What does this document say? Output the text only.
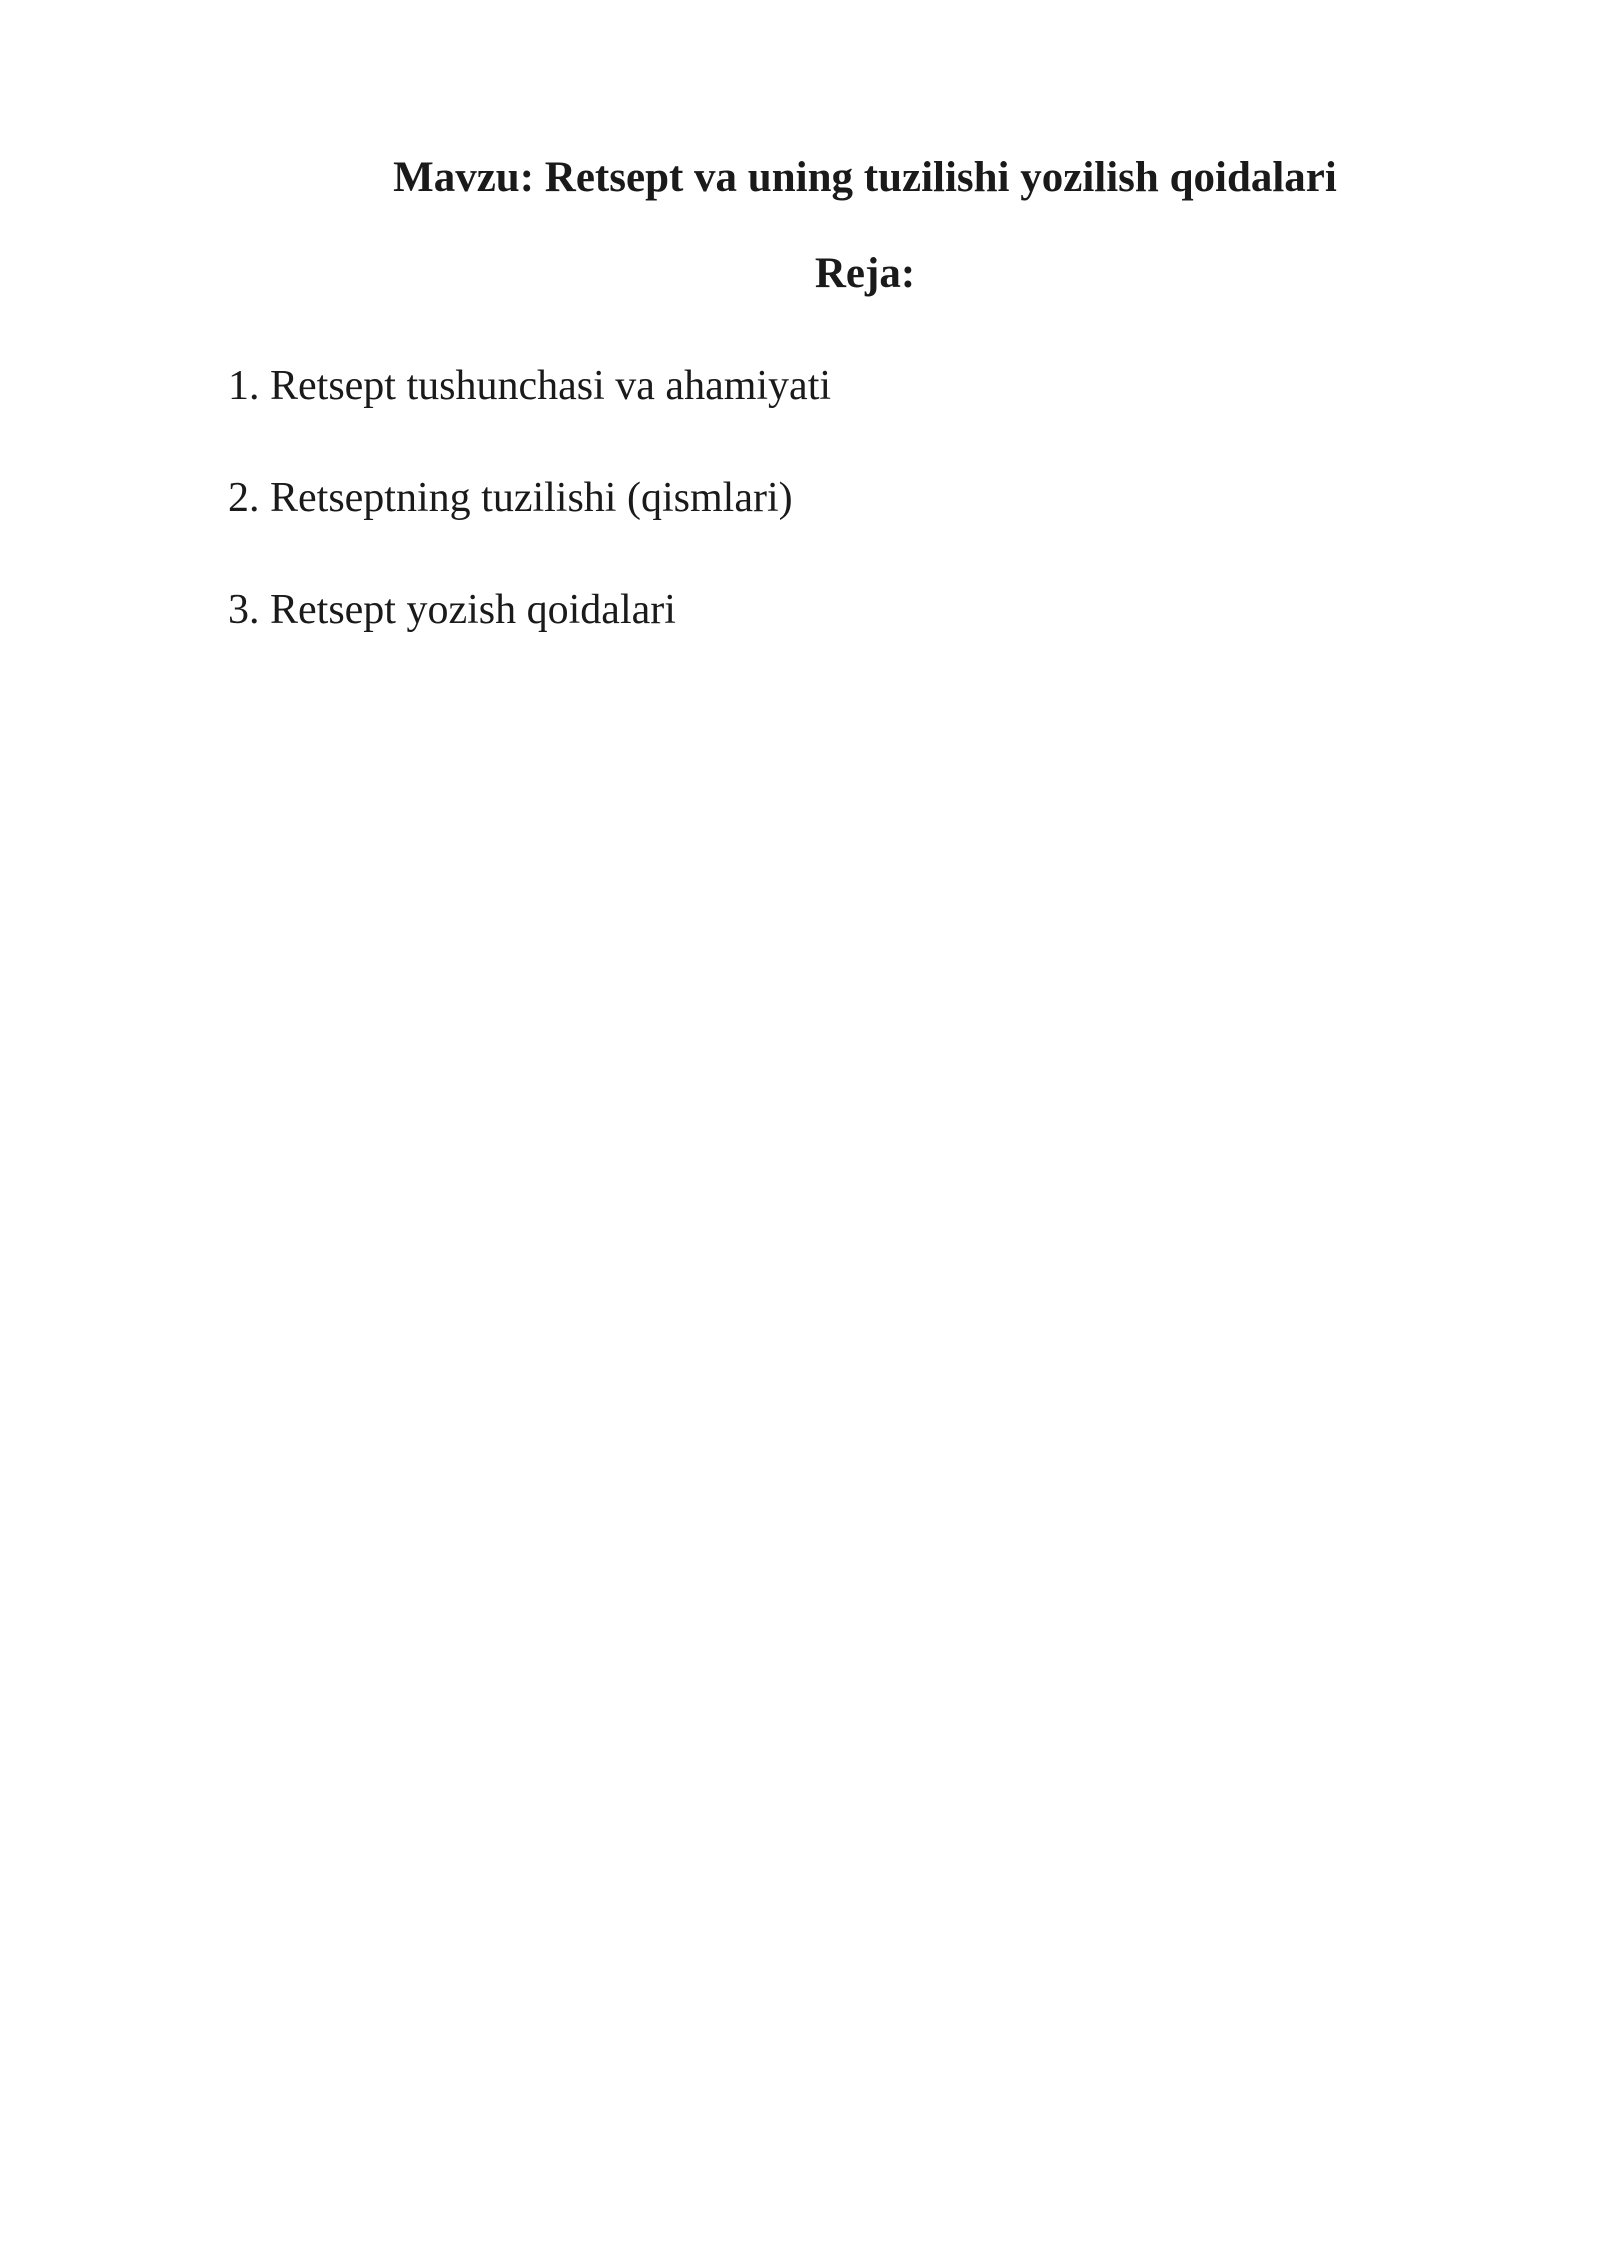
Mavzu: Retsept va uning tuzilishi yozilish qoidalari
Reja:
1. Retsept tushunchasi va ahamiyati
2. Retseptning tuzilishi (qismlari)
3. Retsept yozish qoidalari
